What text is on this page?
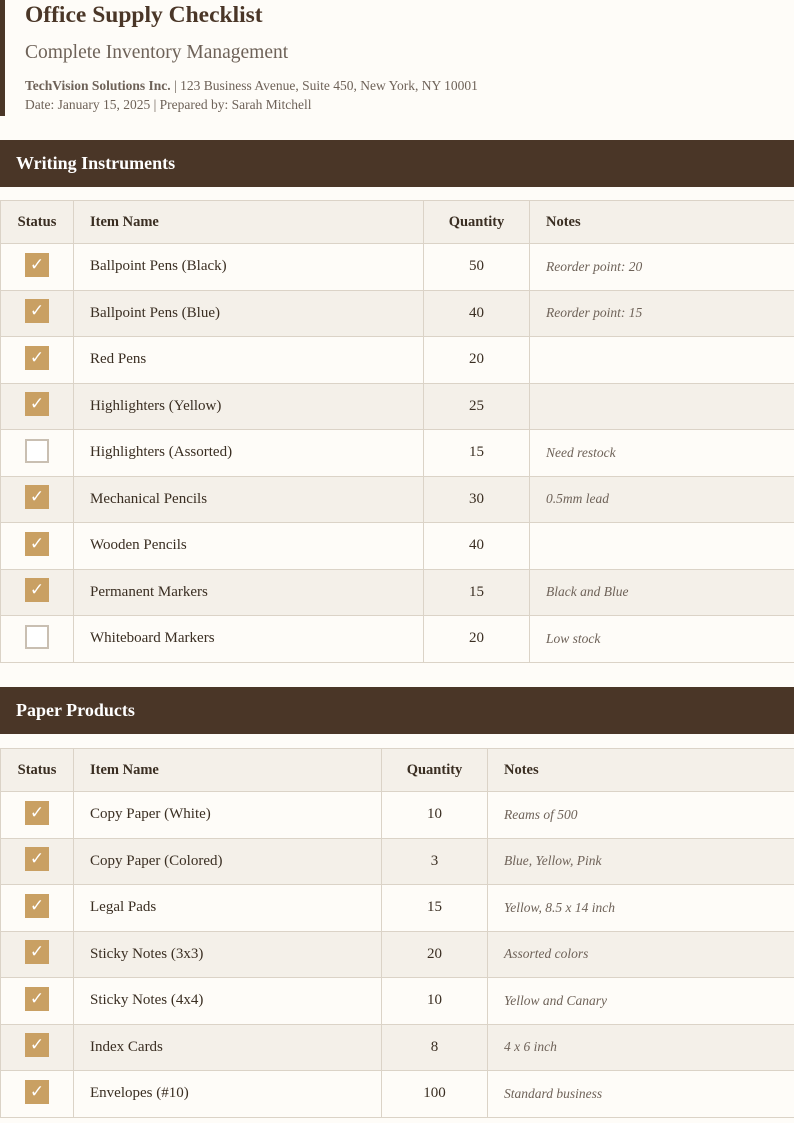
Office Supply Checklist
Complete Inventory Management
TechVision Solutions Inc. | 123 Business Avenue, Suite 450, New York, NY 10001
Date: January 15, 2025 | Prepared by: Sarah Mitchell
Writing Instruments
Status	Item Name	Quantity	Notes
✓	Ballpoint Pens (Black)	50	Reorder point: 20
✓	Ballpoint Pens (Blue)	40	Reorder point: 15
✓	Red Pens	20	
✓	Highlighters (Yellow)	25	
	Highlighters (Assorted)	15	Need restock
✓	Mechanical Pencils	30	0.5mm lead
✓	Wooden Pencils	40	
✓	Permanent Markers	15	Black and Blue
	Whiteboard Markers	20	Low stock
Paper Products
Status	Item Name	Quantity	Notes
✓	Copy Paper (White)	10	Reams of 500
✓	Copy Paper (Colored)	3	Blue, Yellow, Pink
✓	Legal Pads	15	Yellow, 8.5 x 14 inch
✓	Sticky Notes (3x3)	20	Assorted colors
✓	Sticky Notes (4x4)	10	Yellow and Canary
✓	Index Cards	8	4 x 6 inch
✓	Envelopes (#10)	100	Standard business
